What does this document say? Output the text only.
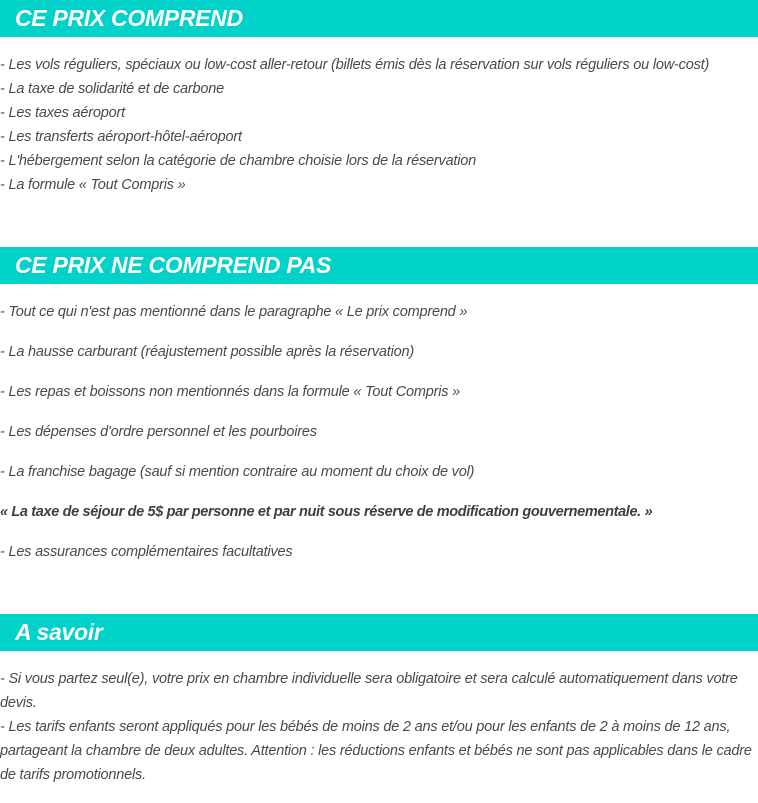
CE PRIX COMPREND
- Les vols réguliers, spéciaux ou low-cost aller-retour (billets émis dès la réservation sur vols réguliers ou low-cost)
- La taxe de solidarité et de carbone
- Les taxes aéroport
- Les transferts aéroport-hôtel-aéroport
- L'hébergement selon la catégorie de chambre choisie lors de la réservation
- La formule « Tout Compris »
CE PRIX NE COMPREND PAS
- Tout ce qui n'est pas mentionné dans le paragraphe « Le prix comprend »
- La hausse carburant (réajustement possible après la réservation)
- Les repas et boissons non mentionnés dans la formule « Tout Compris »
- Les dépenses d'ordre personnel et les pourboires
- La franchise bagage (sauf si mention contraire au moment du choix de vol)
« La taxe de séjour de 5$ par personne et par nuit sous réserve de modification gouvernementale. »
- Les assurances complémentaires facultatives
A savoir
- Si vous partez seul(e), votre prix en chambre individuelle sera obligatoire et sera calculé automatiquement dans votre devis.
- Les tarifs enfants seront appliqués pour les bébés de moins de 2 ans et/ou pour les enfants de 2 à moins de 12 ans, partageant la chambre de deux adultes. Attention : les réductions enfants et bébés ne sont pas applicables dans le cadre de tarifs promotionnels.
